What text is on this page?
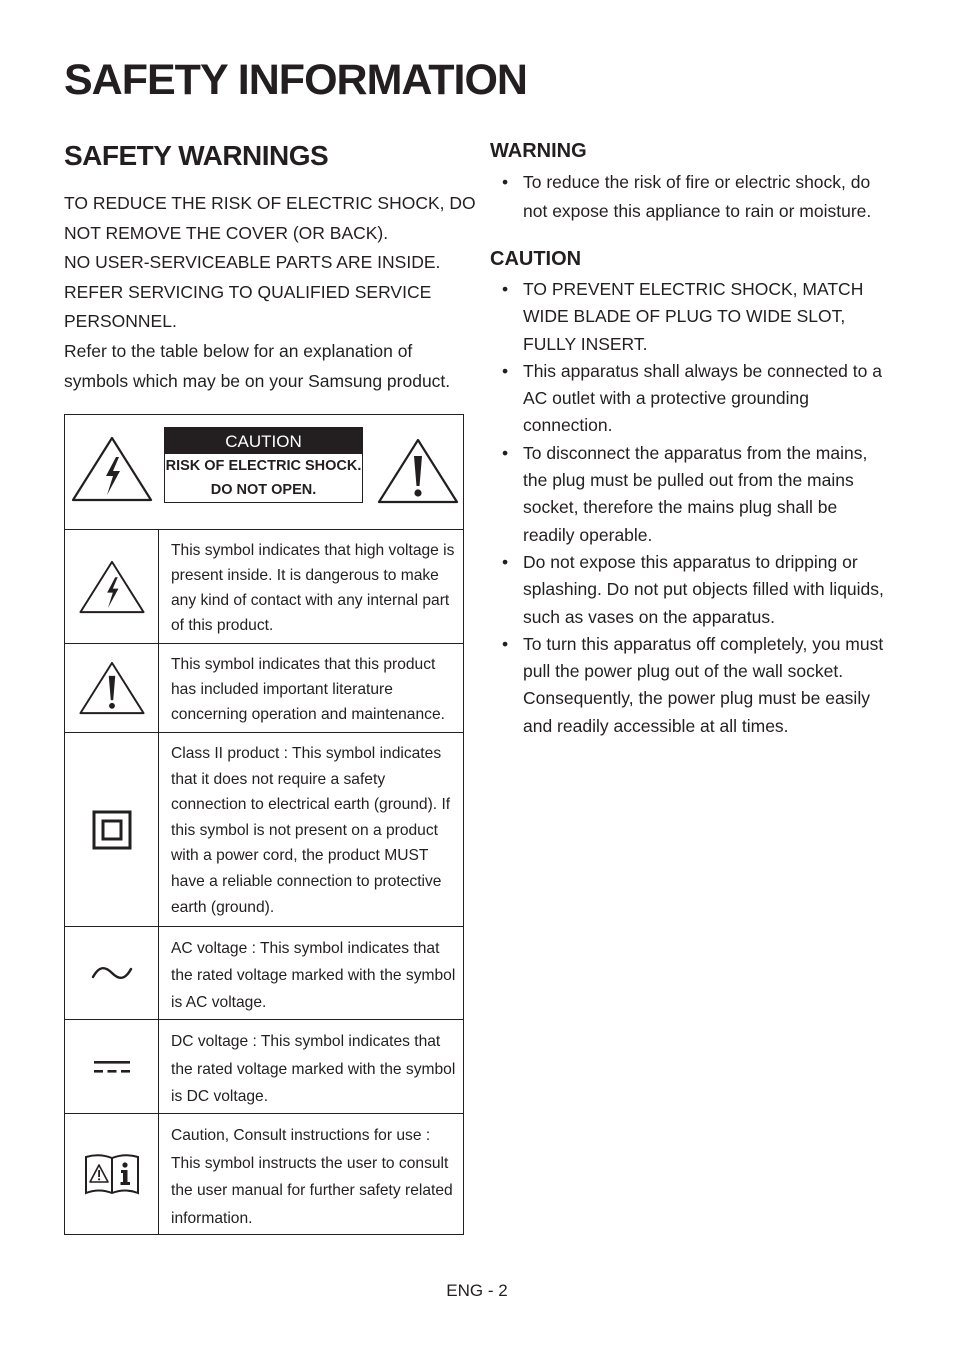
SAFETY INFORMATION
SAFETY WARNINGS
TO REDUCE THE RISK OF ELECTRIC SHOCK, DO
NOT REMOVE THE COVER (OR BACK).
NO USER-SERVICEABLE PARTS ARE INSIDE.
REFER SERVICING TO QUALIFIED SERVICE
PERSONNEL.
Refer to the table below for an explanation of
symbols which may be on your Samsung product.
CAUTION
RISK OF ELECTRIC SHOCK.
DO NOT OPEN.
This symbol indicates that high voltage is present inside. It is dangerous to make any kind of contact with any internal part of this product.
This symbol indicates that this product has included important literature concerning operation and maintenance.
Class II product : This symbol indicates that it does not require a safety connection to electrical earth (ground). If this symbol is not present on a product with a power cord, the product MUST have a reliable connection to protective earth (ground).
AC voltage : This symbol indicates that the rated voltage marked with the symbol is AC voltage.
DC voltage : This symbol indicates that the rated voltage marked with the symbol is DC voltage.
Caution, Consult instructions for use : This symbol instructs the user to consult the user manual for further safety related information.
WARNING
• To reduce the risk of fire or electric shock, do not expose this appliance to rain or moisture.
CAUTION
• TO PREVENT ELECTRIC SHOCK, MATCH WIDE BLADE OF PLUG TO WIDE SLOT, FULLY INSERT.
• This apparatus shall always be connected to a AC outlet with a protective grounding connection.
• To disconnect the apparatus from the mains, the plug must be pulled out from the mains socket, therefore the mains plug shall be readily operable.
• Do not expose this apparatus to dripping or splashing. Do not put objects filled with liquids, such as vases on the apparatus.
• To turn this apparatus off completely, you must pull the power plug out of the wall socket. Consequently, the power plug must be easily and readily accessible at all times.
ENG - 2
